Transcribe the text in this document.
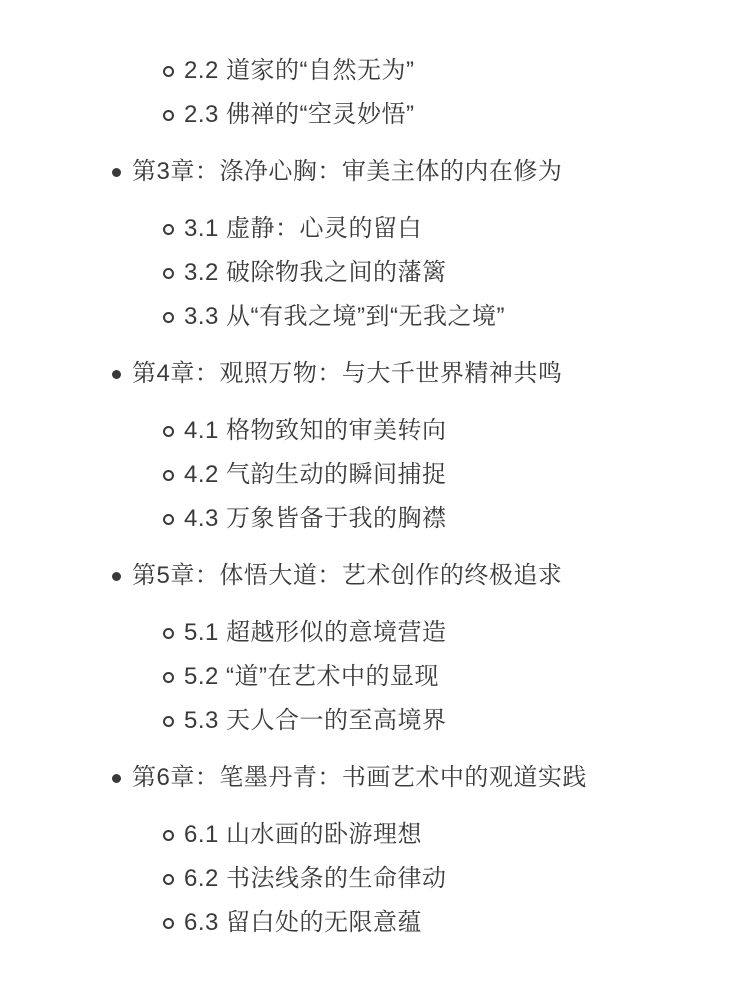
2.2 道家的“自然无为”
2.3 佛禅的“空灵妙悟”
第3章：涤净心胸：审美主体的内在修为
3.1 虚静：心灵的留白
3.2 破除物我之间的藩篱
3.3 从“有我之境”到“无我之境”
第4章：观照万物：与大千世界精神共鸣
4.1 格物致知的审美转向
4.2 气韵生动的瞬间捕捉
4.3 万象皆备于我的胸襟
第5章：体悟大道：艺术创作的终极追求
5.1 超越形似的意境营造
5.2 “道”在艺术中的显现
5.3 天人合一的至高境界
第6章：笔墨丹青：书画艺术中的观道实践
6.1 山水画的卧游理想
6.2 书法线条的生命律动
6.3 留白处的无限意蕴
